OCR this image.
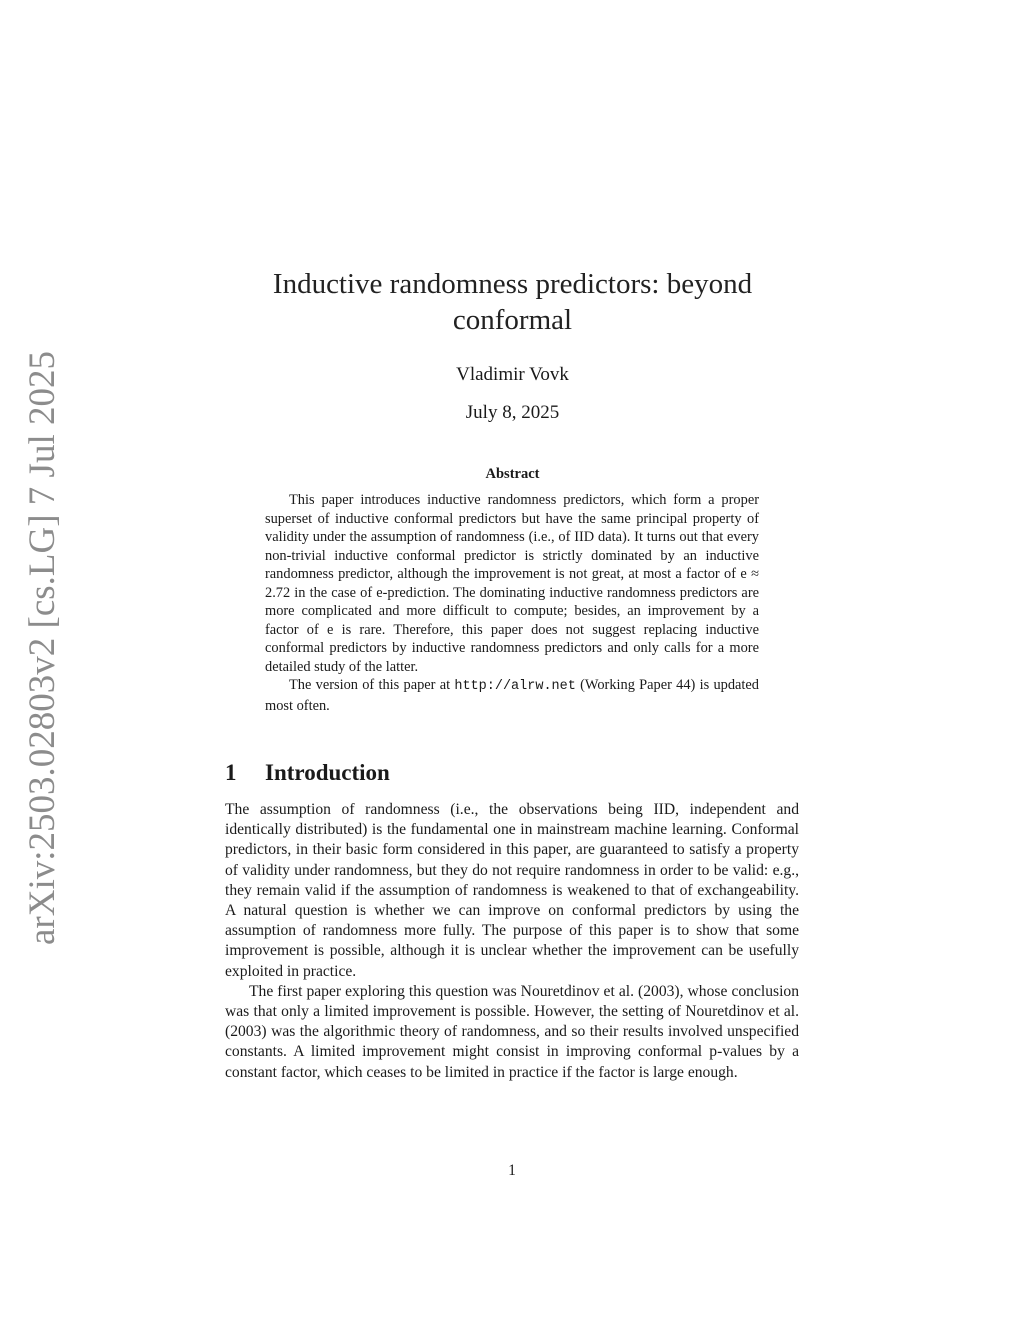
arXiv:2503.02803v2 [cs.LG] 7 Jul 2025
Inductive randomness predictors: beyond conformal
Vladimir Vovk
July 8, 2025
Abstract

This paper introduces inductive randomness predictors, which form a proper superset of inductive conformal predictors but have the same principal property of validity under the assumption of randomness (i.e., of IID data). It turns out that every non-trivial inductive conformal predictor is strictly dominated by an inductive randomness predictor, although the improvement is not great, at most a factor of e ≈ 2.72 in the case of e-prediction. The dominating inductive randomness predictors are more complicated and more difficult to compute; besides, an improvement by a factor of e is rare. Therefore, this paper does not suggest replacing inductive conformal predictors by inductive randomness predictors and only calls for a more detailed study of the latter.

The version of this paper at http://alrw.net (Working Paper 44) is updated most often.

1 Introduction

The assumption of randomness (i.e., the observations being IID, independent and identically distributed) is the fundamental one in mainstream machine learning. Conformal predictors, in their basic form considered in this paper, are guaranteed to satisfy a property of validity under randomness, but they do not require randomness in order to be valid: e.g., they remain valid if the assumption of randomness is weakened to that of exchangeability. A natural question is whether we can improve on conformal predictors by using the assumption of randomness more fully. The purpose of this paper is to show that some improvement is possible, although it is unclear whether the improvement can be usefully exploited in practice.

The first paper exploring this question was Nouretdinov et al. (2003), whose conclusion was that only a limited improvement is possible. However, the setting of Nouretdinov et al. (2003) was the algorithmic theory of randomness, and so their results involved unspecified constants. A limited improvement might consist in improving conformal p-values by a constant factor, which ceases to be limited in practice if the factor is large enough.

1
